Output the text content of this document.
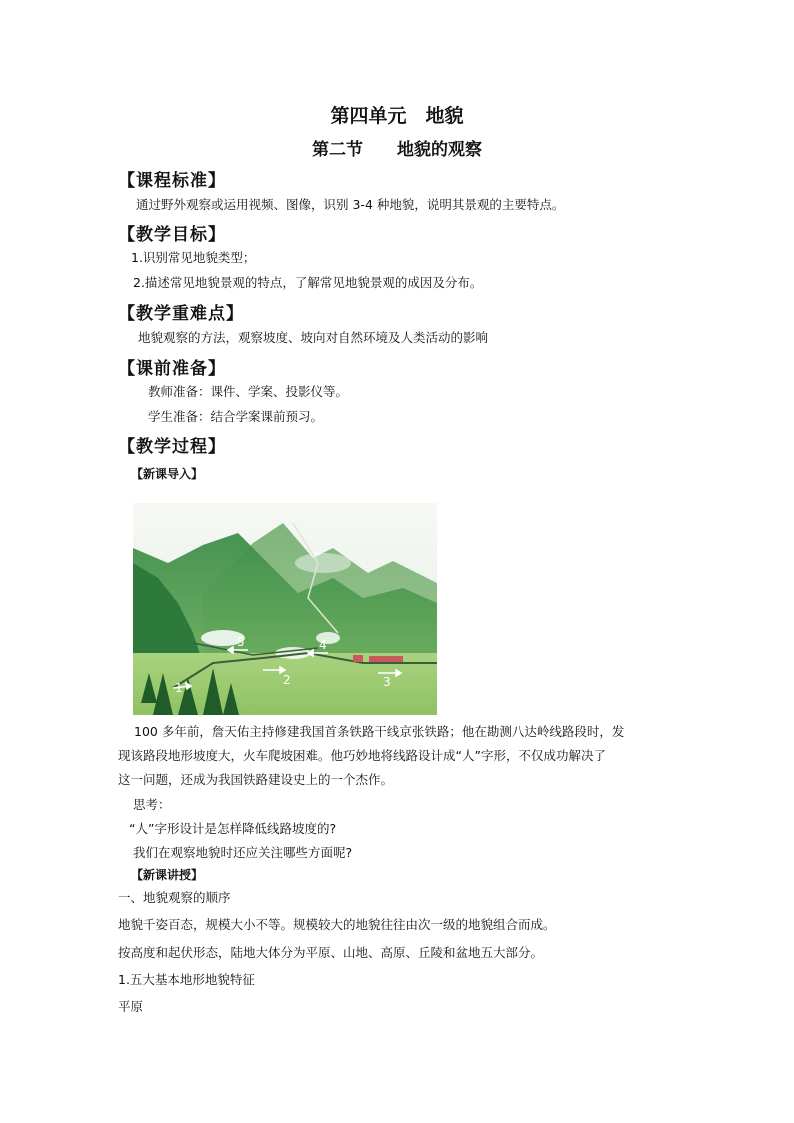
第四单元　地貌
第二节　　地貌的观察
【课程标准】
通过野外观察或运用视频、图像，识别 3-4 种地貌，说明其景观的主要特点。
【教学目标】
1.识别常见地貌类型；
2.描述常见地貌景观的特点，了解常见地貌景观的成因及分布。
【教学重难点】
地貌观察的方法，观察坡度、坡向对自然环境及人类活动的影响
【课前准备】
教师准备：课件、学案、投影仪等。
学生准备：结合学案课前预习。
【教学过程】
【新课导入】
5	4
1
2	3
100 多年前，詹天佑主持修建我国首条铁路干线京张铁路；他在勘测八达岭线路段时，发
现该路段地形坡度大，火车爬坡困难。他巧妙地将线路设计成“人”字形，不仅成功解决了
这一问题，还成为我国铁路建设史上的一个杰作。
思考：
“人”字形设计是怎样降低线路坡度的?
我们在观察地貌时还应关注哪些方面呢?
【新课讲授】
一、地貌观察的顺序
地貌千姿百态，规模大小不等。规模较大的地貌往往由次一级的地貌组合而成。
按高度和起伏形态，陆地大体分为平原、山地、高原、丘陵和盆地五大部分。
1.五大基本地形地貌特征
平原
